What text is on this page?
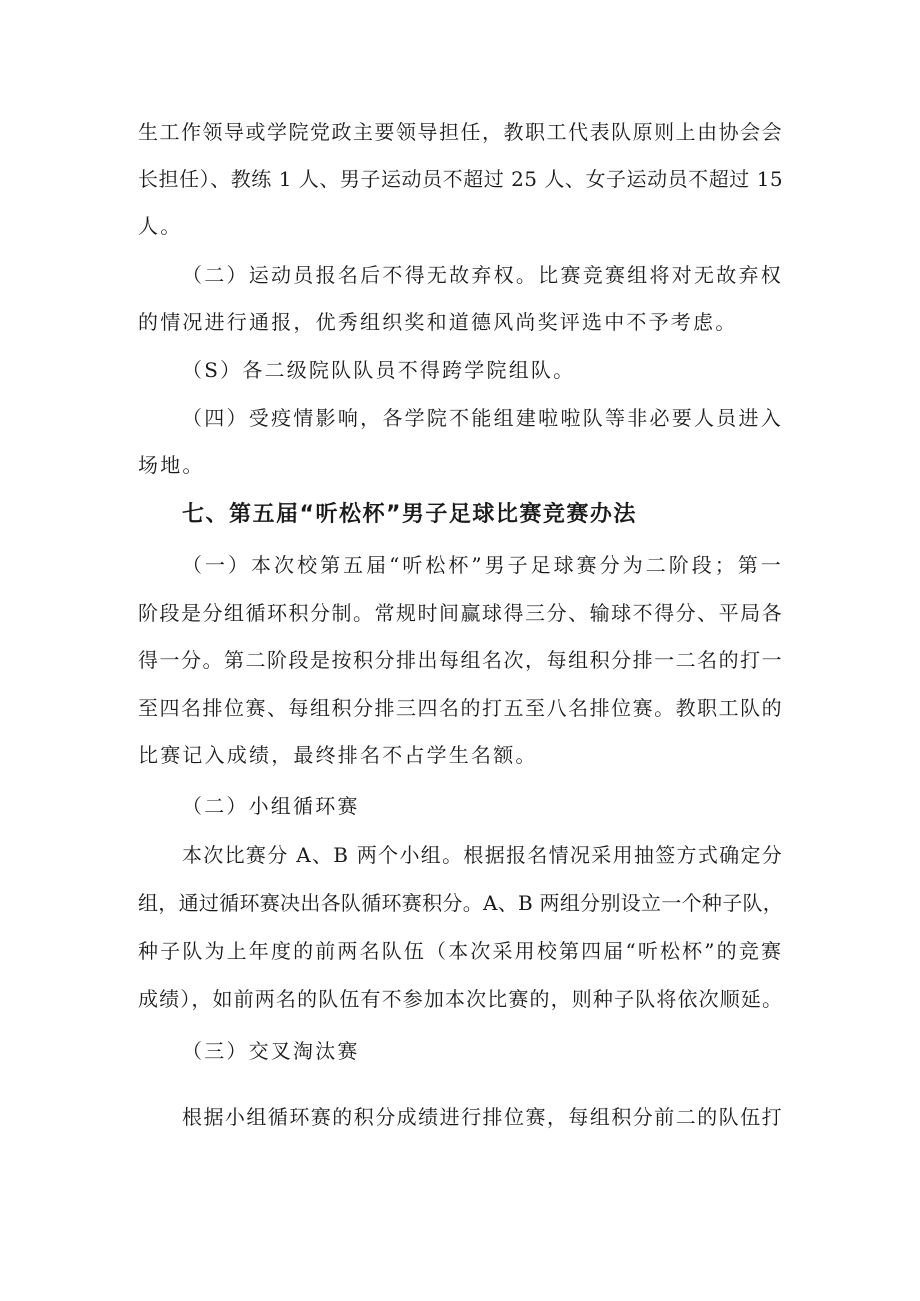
生工作领导或学院党政主要领导担任，教职工代表队原则上由协会会
长担任）、教练 1 人、男子运动员不超过 25 人、女子运动员不超过 15
人。
（二）运动员报名后不得无故弃权。比赛竞赛组将对无故弃权
的情况进行通报，优秀组织奖和道德风尚奖评选中不予考虑。
（S）各二级院队队员不得跨学院组队。
（四）受疫情影响，各学院不能组建啦啦队等非必要人员进入
场地。
七、第五届“听松杯”男子足球比赛竞赛办法
（一）本次校第五届“听松杯”男子足球赛分为二阶段；第一
阶段是分组循环积分制。常规时间赢球得三分、输球不得分、平局各
得一分。第二阶段是按积分排出每组名次，每组积分排一二名的打一
至四名排位赛、每组积分排三四名的打五至八名排位赛。教职工队的
比赛记入成绩，最终排名不占学生名额。
（二）小组循环赛
本次比赛分 A、B 两个小组。根据报名情况采用抽签方式确定分
组，通过循环赛决出各队循环赛积分。A、B 两组分别设立一个种子队，
种子队为上年度的前两名队伍（本次采用校第四届“听松杯”的竞赛
成绩），如前两名的队伍有不参加本次比赛的，则种子队将依次顺延。
（三）交叉淘汰赛
根据小组循环赛的积分成绩进行排位赛，每组积分前二的队伍打
